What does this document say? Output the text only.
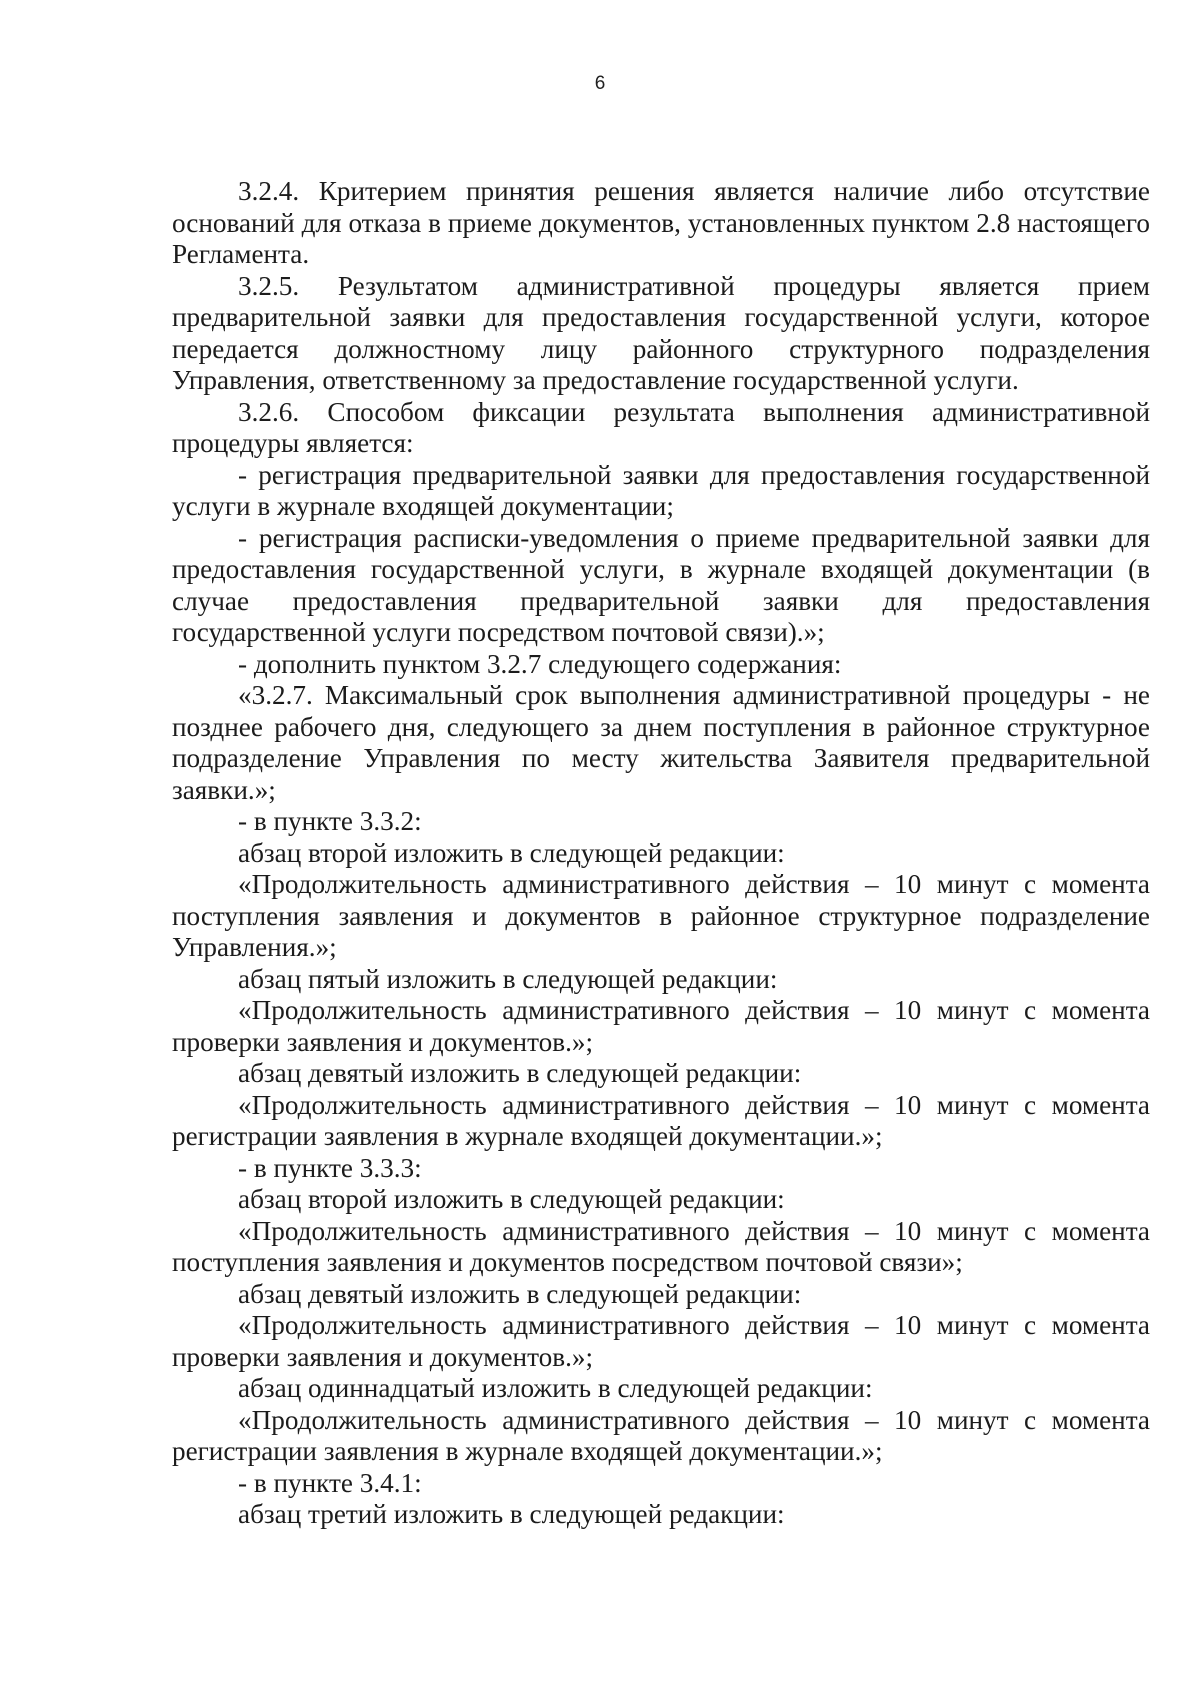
6

3.2.4. Критерием принятия решения является наличие либо отсутствие оснований для отказа в приеме документов, установленных пунктом 2.8 настоящего Регламента.

3.2.5. Результатом административной процедуры является прием предварительной заявки для предоставления государственной услуги, которое передается должностному лицу районного структурного подразделения Управления, ответственному за предоставление государственной услуги.

3.2.6. Способом фиксации результата выполнения административной процедуры является:

- регистрация предварительной заявки для предоставления государственной услуги в журнале входящей документации;

- регистрация расписки-уведомления о приеме предварительной заявки для предоставления государственной услуги, в журнале входящей документации (в случае предоставления предварительной заявки для предоставления государственной услуги посредством почтовой связи).»;

- дополнить пунктом 3.2.7 следующего содержания:

«3.2.7. Максимальный срок выполнения административной процедуры - не позднее рабочего дня, следующего за днем поступления в районное структурное подразделение Управления по месту жительства Заявителя предварительной заявки.»;

- в пункте 3.3.2:

абзац второй изложить в следующей редакции:

«Продолжительность административного действия – 10 минут с момента поступления заявления и документов в районное структурное подразделение Управления.»;

абзац пятый изложить в следующей редакции:

«Продолжительность административного действия – 10 минут с момента проверки заявления и документов.»;

абзац девятый изложить в следующей редакции:

«Продолжительность административного действия – 10 минут с момента регистрации заявления в журнале входящей документации.»;

- в пункте 3.3.3:

абзац второй изложить в следующей редакции:

«Продолжительность административного действия – 10 минут с момента поступления заявления и документов посредством почтовой связи»;

абзац девятый изложить в следующей редакции:

«Продолжительность административного действия – 10 минут с момента проверки заявления и документов.»;

абзац одиннадцатый изложить в следующей редакции:

«Продолжительность административного действия – 10 минут с момента регистрации заявления в журнале входящей документации.»;

- в пункте 3.4.1:

абзац третий изложить в следующей редакции:
